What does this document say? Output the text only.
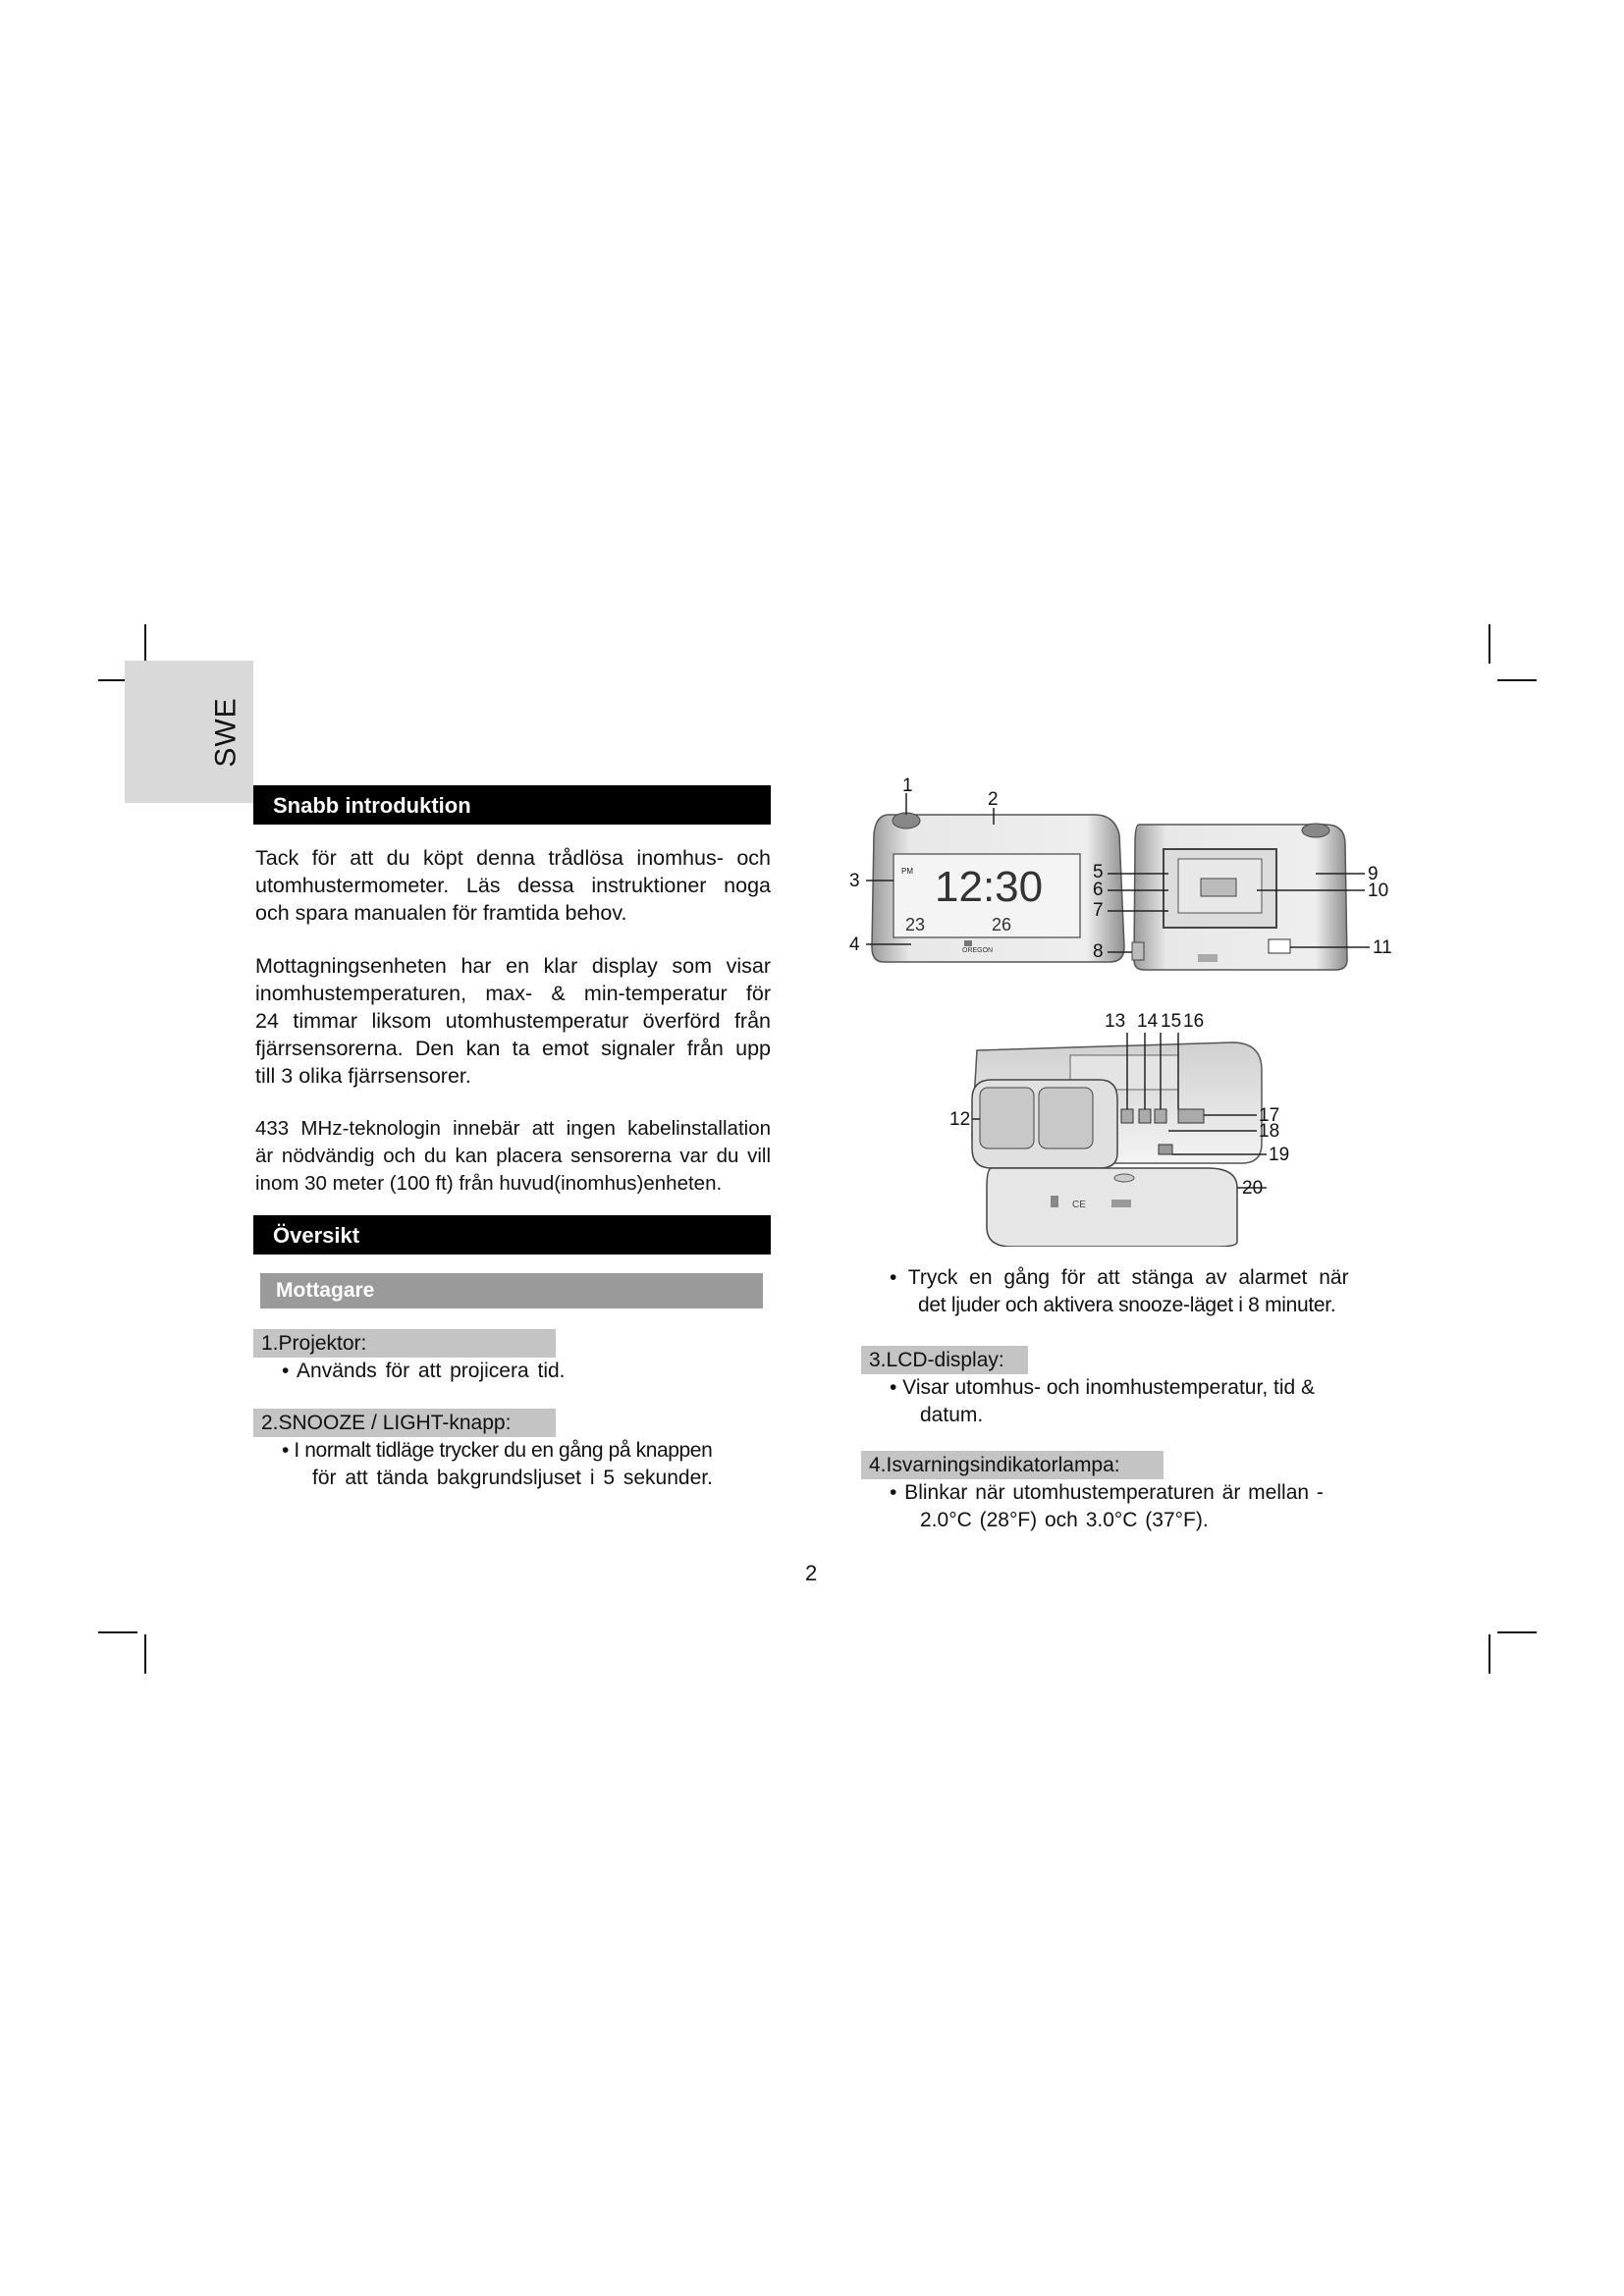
SWE
Snabb introduktion
Tack för att du köpt denna trådlösa inomhus- och
utomhustermometer. Läs dessa instruktioner noga
och spara manualen för framtida behov.
Mottagningsenheten har en klar display som visar
inomhustemperaturen, max- & min-temperatur för
24 timmar liksom utomhustemperatur överförd från
fjärrsensorerna. Den kan ta emot signaler från upp
till 3 olika fjärrsensorer.
433 MHz-teknologin innebär att ingen kabelinstallation
är nödvändig och du kan placera sensorerna var du vill
inom 30 meter (100 ft) från huvud(inomhus)enheten.
Översikt
Mottagare
1.Projektor:
• Används för att projicera tid.
2.SNOOZE / LIGHT-knapp:
• I normalt tidläge trycker du en gång på knappen
för att tända bakgrundsljuset i 5 sekunder.
• Tryck en gång för att stänga av alarmet när
det ljuder och aktivera snooze-läget i 8 minuter.
3.LCD-display:
• Visar utomhus- och inomhustemperatur, tid &
datum.
4.Isvarningsindikatorlampa:
• Blinkar när utomhustemperaturen är mellan -
2.0°C (28°F) och 3.0°C (37°F).
PM 12:30
23	26
OREGON
CE
1
2
3
4
5
6
7
8
9
10
11
12
13 14 15 16
17
18
19
20
2
